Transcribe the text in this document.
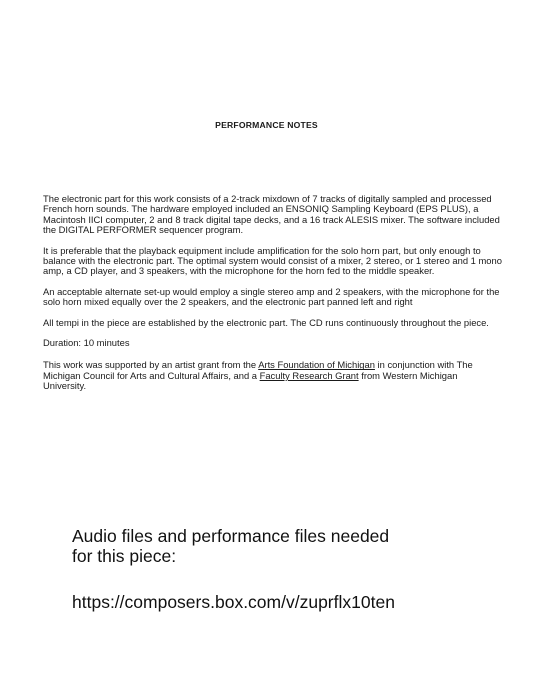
PERFORMANCE NOTES

The electronic part for this work consists of a 2-track mixdown of 7 tracks of digitally sampled and processed French horn sounds. The hardware employed included an ENSONIQ Sampling Keyboard (EPS PLUS), a Macintosh IICI computer, 2 and 8 track digital tape decks, and a 16 track ALESIS mixer. The software included the DIGITAL PERFORMER sequencer program.

It is preferable that the playback equipment include amplification for the solo horn part, but only enough to balance with the electronic part. The optimal system would consist of a mixer, 2 stereo, or 1 stereo and 1 mono amp, a CD player, and 3 speakers, with the microphone for the horn fed to the middle speaker.

An acceptable alternate set-up would employ a single stereo amp and 2 speakers, with the microphone for the solo horn mixed equally over the 2 speakers, and the electronic part panned left and right

All tempi in the piece are established by the electronic part. The CD runs continuously throughout the piece.

Duration: 10 minutes

This work was supported by an artist grant from the Arts Foundation of Michigan in conjunction with The Michigan Council for Arts and Cultural Affairs, and a Faculty Research Grant from Western Michigan University.

Audio files and performance files needed
for this piece:
https://composers.box.com/v/zuprflx10ten
